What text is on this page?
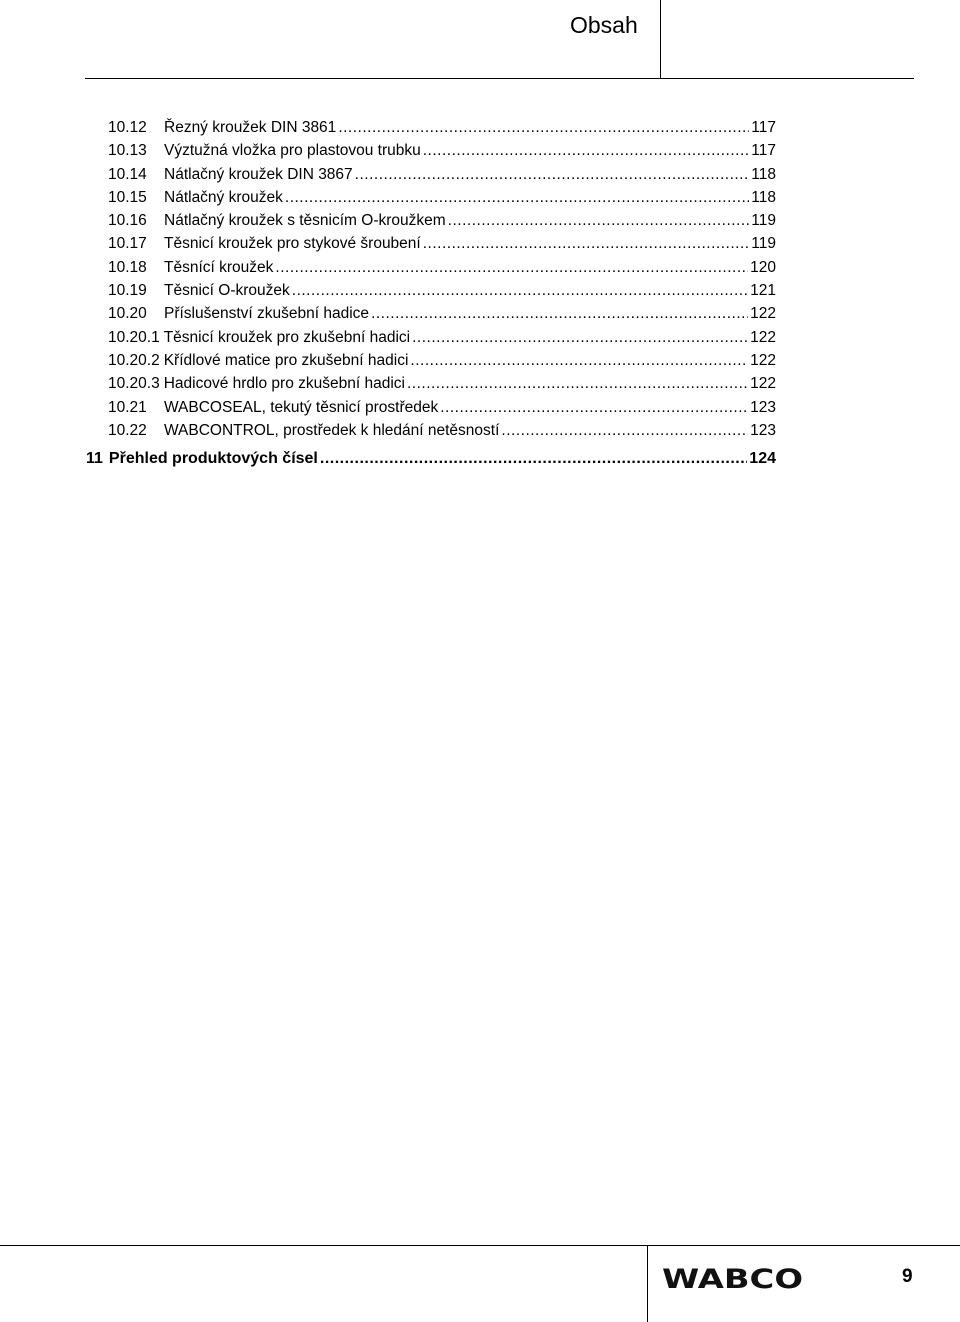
Obsah
10.12	Řezný kroužek DIN 3861 .....	117
10.13	Výztužná vložka pro plastovou trubku .....	117
10.14	Nátlačný kroužek DIN 3867 .....	118
10.15	Nátlačný kroužek .....	118
10.16	Nátlačný kroužek s těsnicím O-kroužkem .....	119
10.17	Těsnicí kroužek pro stykové šroubení .....	119
10.18	Těsnící kroužek .....	120
10.19	Těsnicí O-kroužek .....	121
10.20	Příslušenství zkušební hadice .....	122
10.20.1 Těsnicí kroužek pro zkušební hadici .....	122
10.20.2 Křídlové matice pro zkušební hadici .....	122
10.20.3 Hadicové hrdlo pro zkušební hadici .....	122
10.21	WABCOSEAL, tekutý těsnicí prostředek .....	123
10.22	WABCONTROL, prostředek k hledání netěsností .....	123
11 Přehled produktových čísel .....	124
WABCO	9
